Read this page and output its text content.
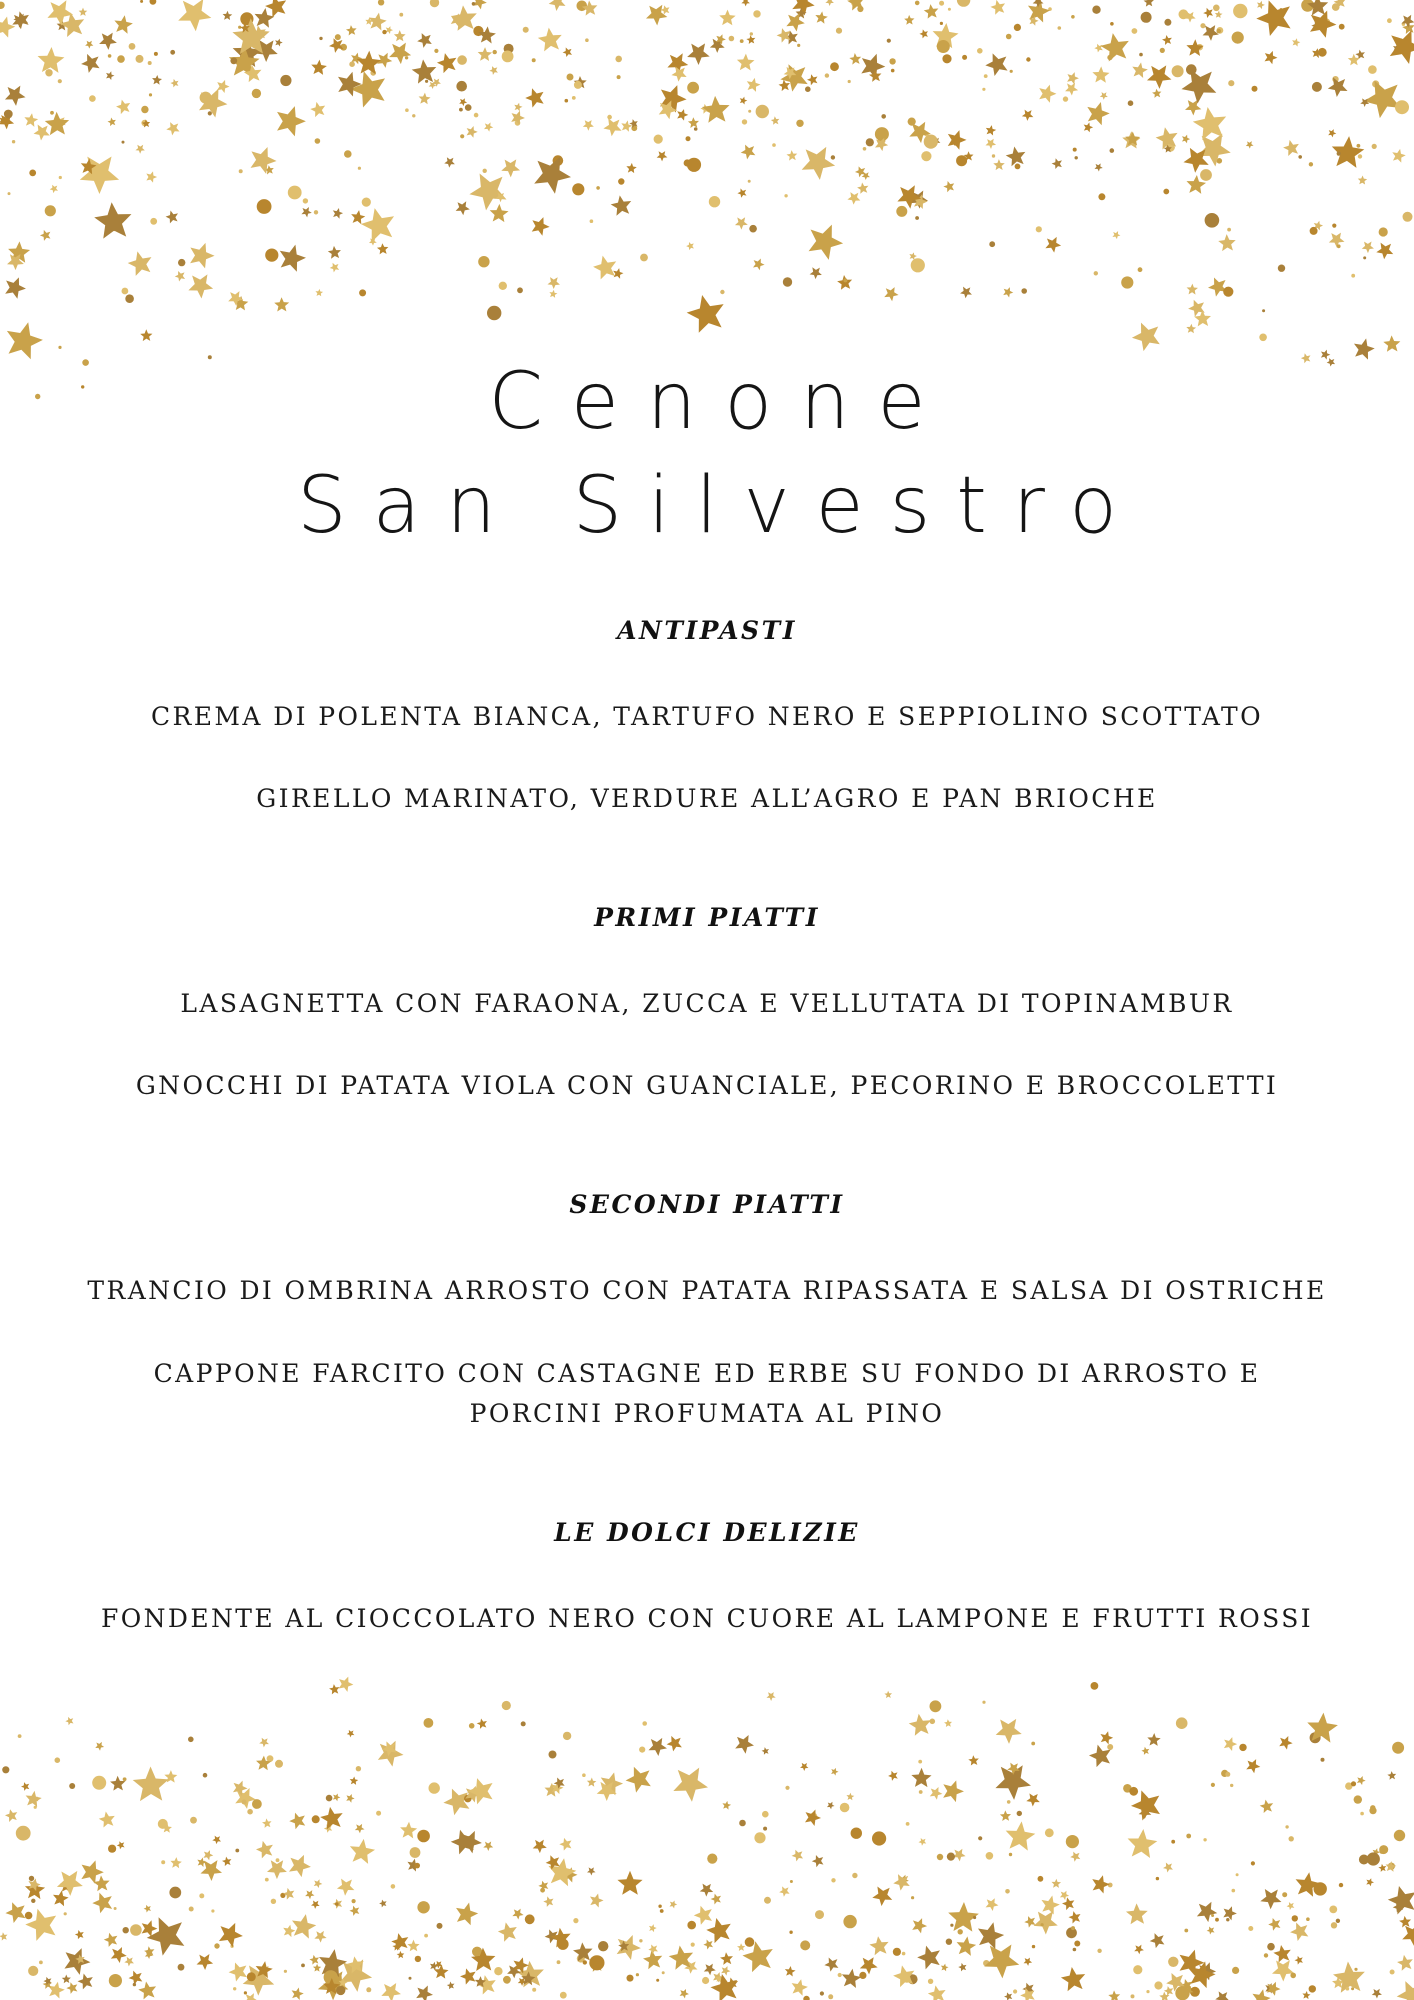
Cenone
San Silvestro
ANTIPASTI

CREMA DI POLENTA BIANCA, TARTUFO NERO E SEPPIOLINO SCOTTATO

GIRELLO MARINATO, VERDURE ALL’AGRO E PAN BRIOCHE

PRIMI PIATTI

LASAGNETTA CON FARAONA, ZUCCA E VELLUTATA DI TOPINAMBUR

GNOCCHI DI PATATA VIOLA CON GUANCIALE, PECORINO E BROCCOLETTI

SECONDI PIATTI

TRANCIO DI OMBRINA ARROSTO CON PATATA RIPASSATA E SALSA DI OSTRICHE

CAPPONE FARCITO CON CASTAGNE ED ERBE SU FONDO DI ARROSTO E PORCINI PROFUMATA AL PINO

LE DOLCI DELIZIE

FONDENTE AL CIOCCOLATO NERO CON CUORE AL LAMPONE E FRUTTI ROSSI
